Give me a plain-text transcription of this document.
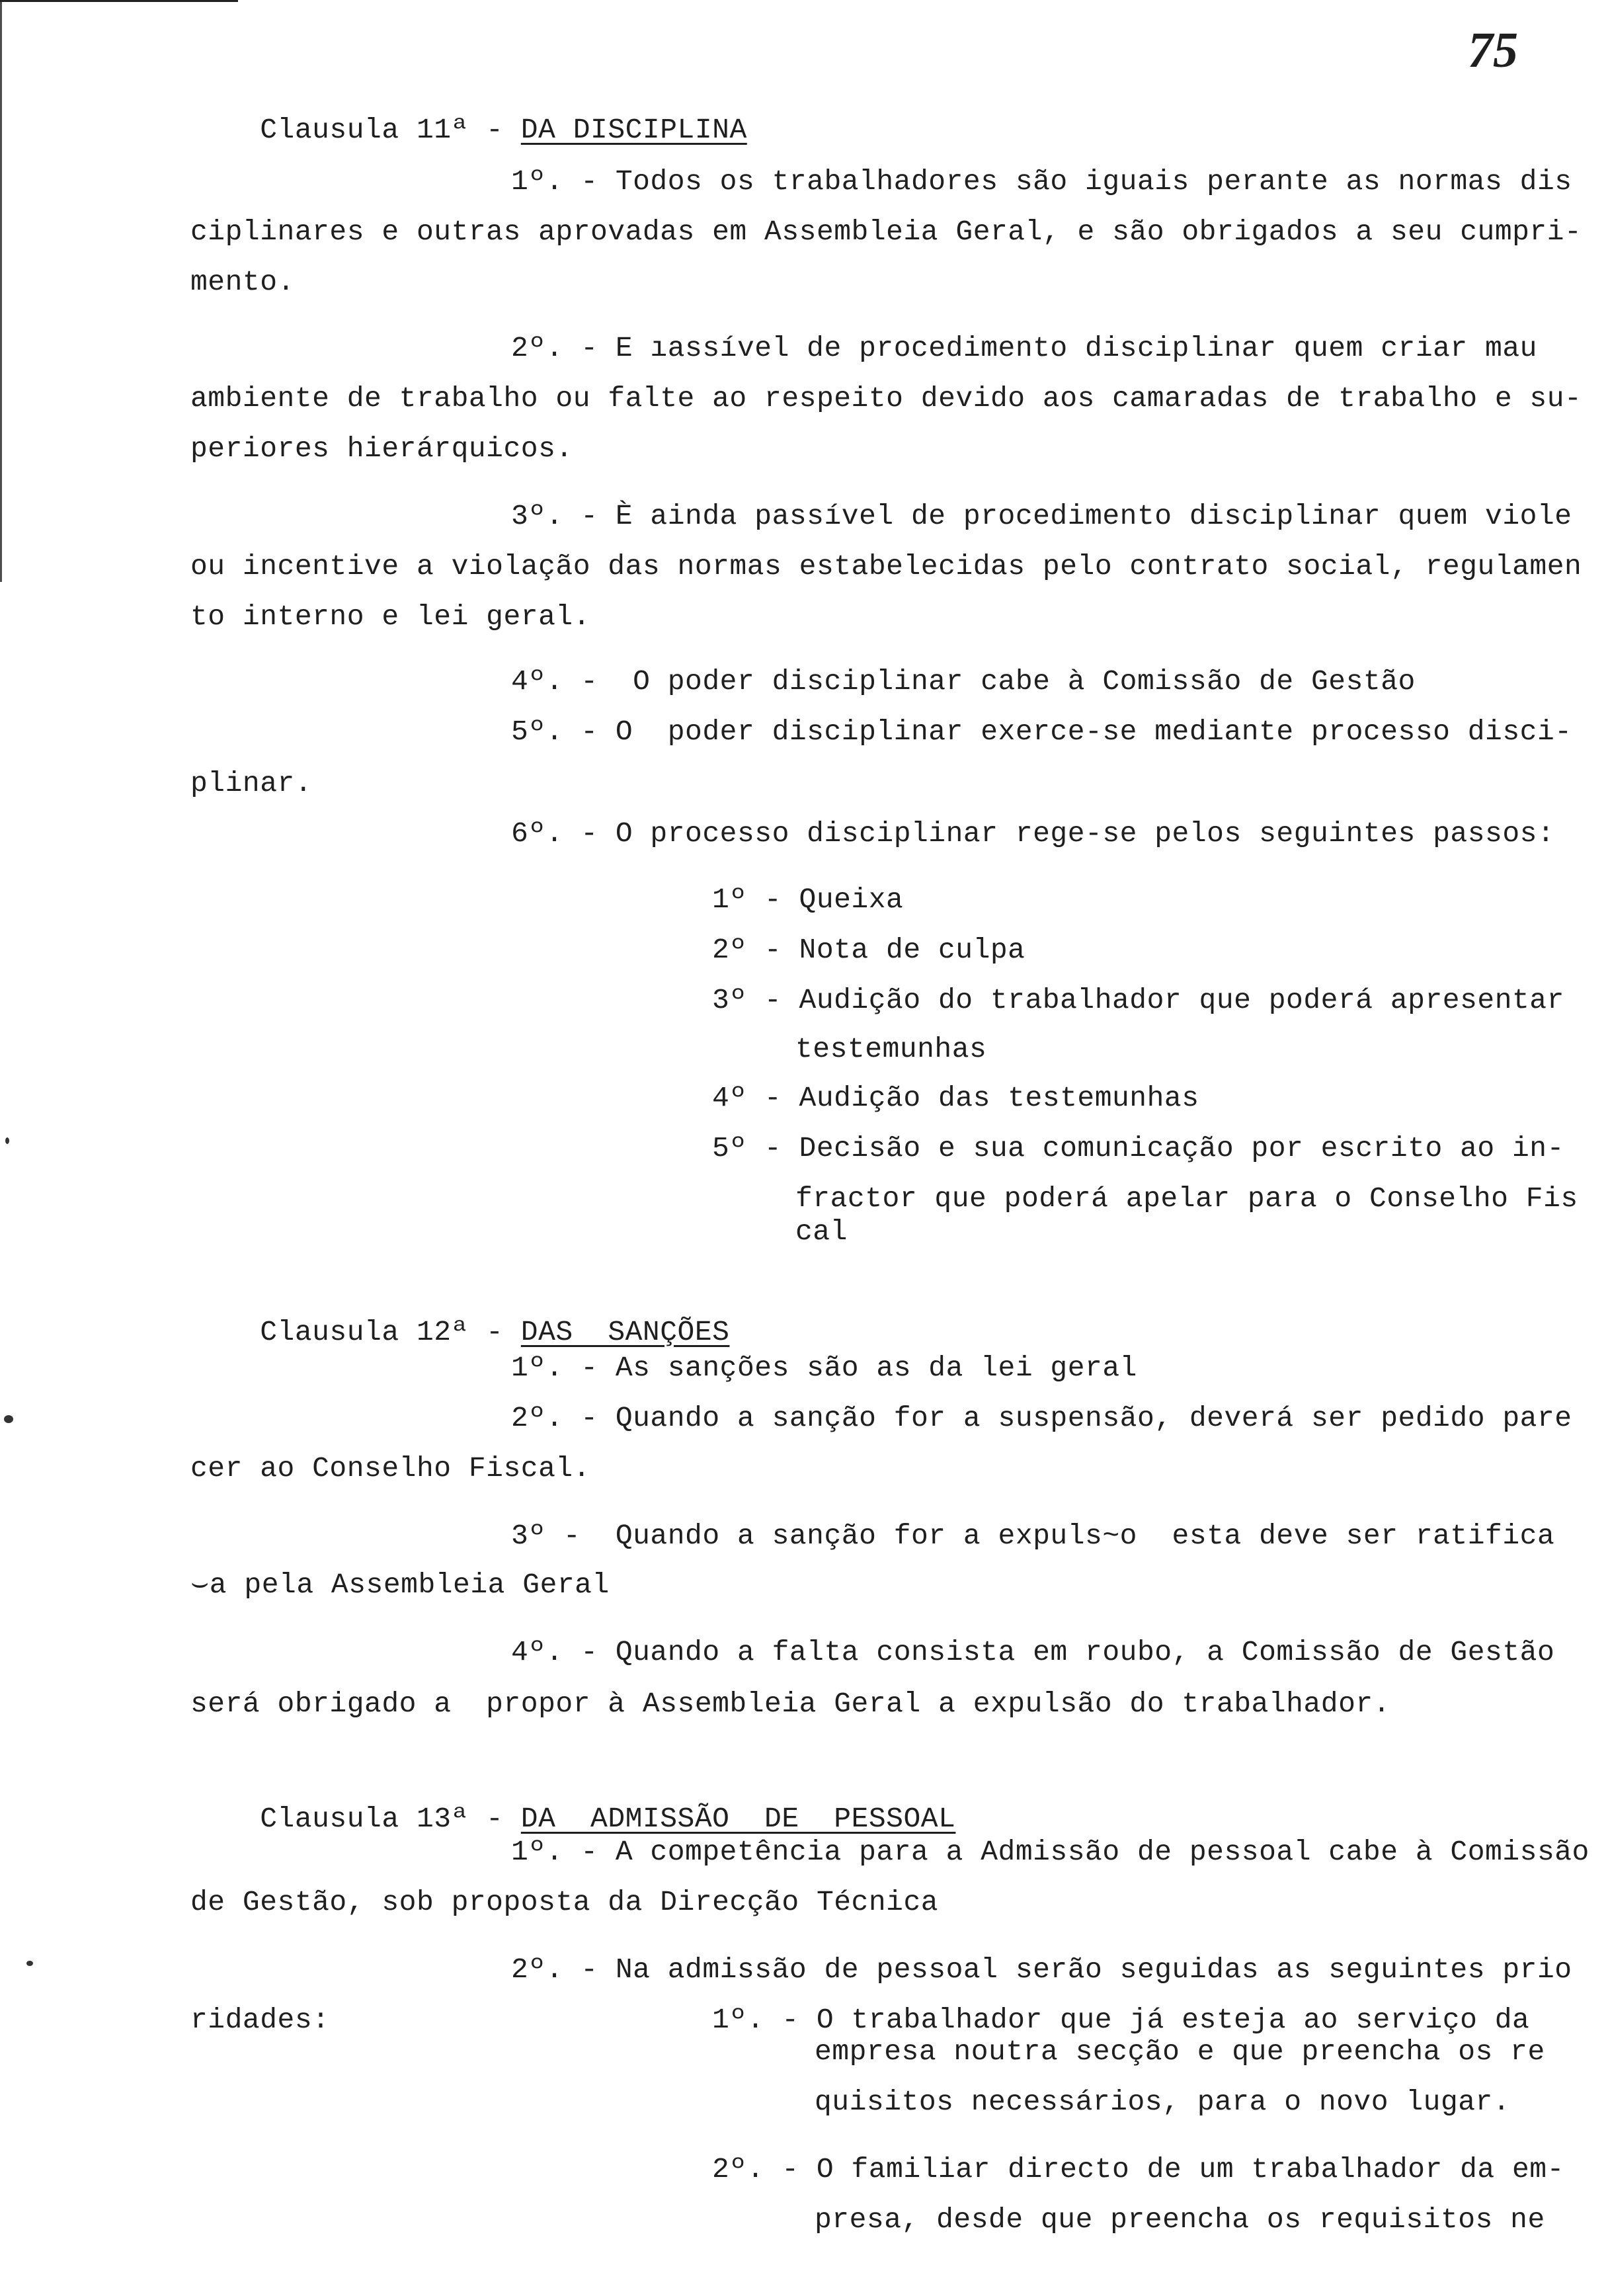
75

Clausula 11ª - DA DISCIPLINA

1º. - Todos os trabalhadores são iguais perante as normas dis
ciplinares e outras aprovadas em Assembleia Geral, e são obrigados a seu cumpri-
mento.
2º. - E ıassível de procedimento disciplinar quem criar mau
ambiente de trabalho ou falte ao respeito devido aos camaradas de trabalho e su-
periores hierárquicos.
3º. - È ainda passível de procedimento disciplinar quem viole
ou incentive a violação das normas estabelecidas pelo contrato social, regulamen
to interno e lei geral.
4º. -  O poder disciplinar cabe à Comissão de Gestão
5º. - O  poder disciplinar exerce-se mediante processo disci-
plinar.
6º. - O processo disciplinar rege-se pelos seguintes passos:
1º - Queixa
2º - Nota de culpa
3º - Audição do trabalhador que poderá apresentar
testemunhas
4º - Audição das testemunhas
5º - Decisão e sua comunicação por escrito ao in-
fractor que poderá apelar para o Conselho Fis
cal

Clausula 12ª - DAS  SANÇÕES

1º. - As sanções são as da lei geral
2º. - Quando a sanção for a suspensão, deverá ser pedido pare
cer ao Conselho Fiscal.
3º -  Quando a sanção for a expuls~o  esta deve ser ratifica
⌣a pela Assembleia Geral
4º. - Quando a falta consista em roubo, a Comissão de Gestão
será obrigado a  propor à Assembleia Geral a expulsão do trabalhador.

Clausula 13ª - DA  ADMISSÃO  DE  PESSOAL

1º. - A competência para a Admissão de pessoal cabe à Comissão
de Gestão, sob proposta da Direcção Técnica
2º. - Na admissão de pessoal serão seguidas as seguintes prio
ridades:	1º. - O trabalhador que já esteja ao serviço da
empresa noutra secção e que preencha os re
quisitos necessários, para o novo lugar.
2º. - O familiar directo de um trabalhador da em-
presa, desde que preencha os requisitos ne
